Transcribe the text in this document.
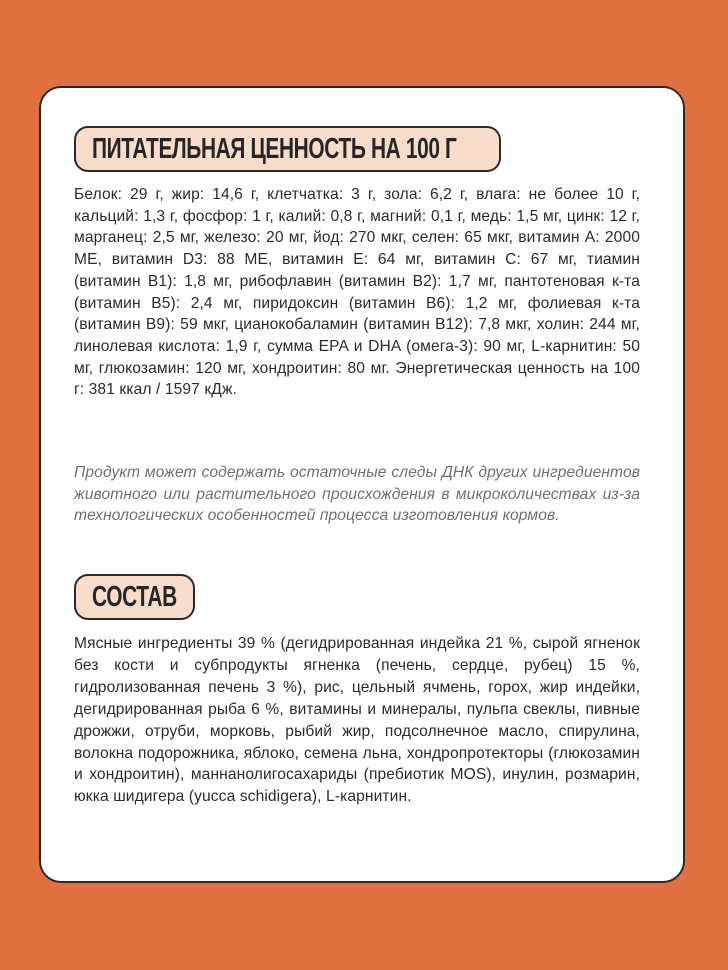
ПИТАТЕЛЬНАЯ ЦЕННОСТЬ НА 100 Г
Белок: 29 г, жир: 14,6 г, клетчатка: 3 г, зола: 6,2 г, влага: не более 10 г, кальций: 1,3 г, фосфор: 1 г, калий: 0,8 г, магний: 0,1 г, медь: 1,5 мг, цинк: 12 г, марганец: 2,5 мг, железо: 20 мг, йод: 270 мкг, селен: 65 мкг, витамин A: 2000 МЕ, витамин D3: 88 МЕ, витамин E: 64 мг, витамин C: 67 мг, тиамин (витамин B1): 1,8 мг, рибофлавин (витамин B2): 1,7 мг, пантотеновая к-та (витамин B5): 2,4 мг, пиридоксин (витамин B6): 1,2 мг, фолиевая к-та (витамин B9): 59 мкг, цианокобаламин (витамин B12): 7,8 мкг, холин: 244 мг, линолевая кислота: 1,9 г, сумма EPA и DHA (омега-3): 90 мг, L-карнитин: 50 мг, глюкозамин: 120 мг, хондроитин: 80 мг. Энергетическая ценность на 100 г: 381 ккал / 1597 кДж.
Продукт может содержать остаточные следы ДНК других ингредиентов животного или растительного происхождения в микроколичествах из-за технологических особенностей процесса изготовления кормов.
СОСТАВ
Мясные ингредиенты 39 % (дегидрированная индейка 21 %, сырой ягненок без кости и субпродукты ягненка (печень, сердце, рубец) 15 %, гидролизованная печень 3 %), рис, цельный ячмень, горох, жир индейки, дегидрированная рыба 6 %, витамины и минералы, пульпа свеклы, пивные дрожжи, отруби, морковь, рыбий жир, подсолнечное масло, спирулина, волокна подорожника, яблоко, семена льна, хондропротекторы (глюкозамин и хондроитин), маннанолигосахариды (пребиотик MOS), инулин, розмарин, юкка шидигера (yucca schidigera), L-карнитин.
